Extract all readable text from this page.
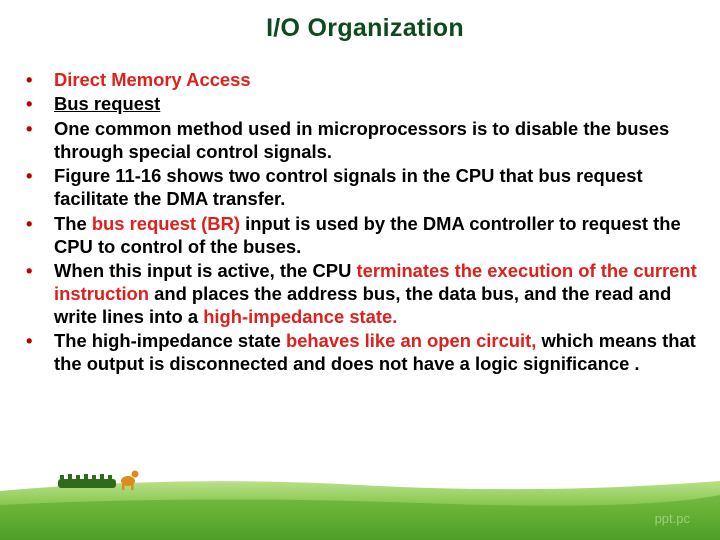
I/O Organization
• Direct Memory Access
• Bus request
• One common method used in microprocessors is to disable the buses through special control signals.
• Figure 11-16 shows two control signals in the CPU that bus request facilitate the DMA transfer.
• The bus request (BR) input is used by the DMA controller to request the CPU to control of the buses.
• When this input is active, the CPU terminates the execution of the current instruction and places the address bus, the data bus, and the read and write lines into a high-impedance state.
• The high-impedance state behaves like an open circuit, which means that the output is disconnected and does not have a logic significance .
ppt.pc
